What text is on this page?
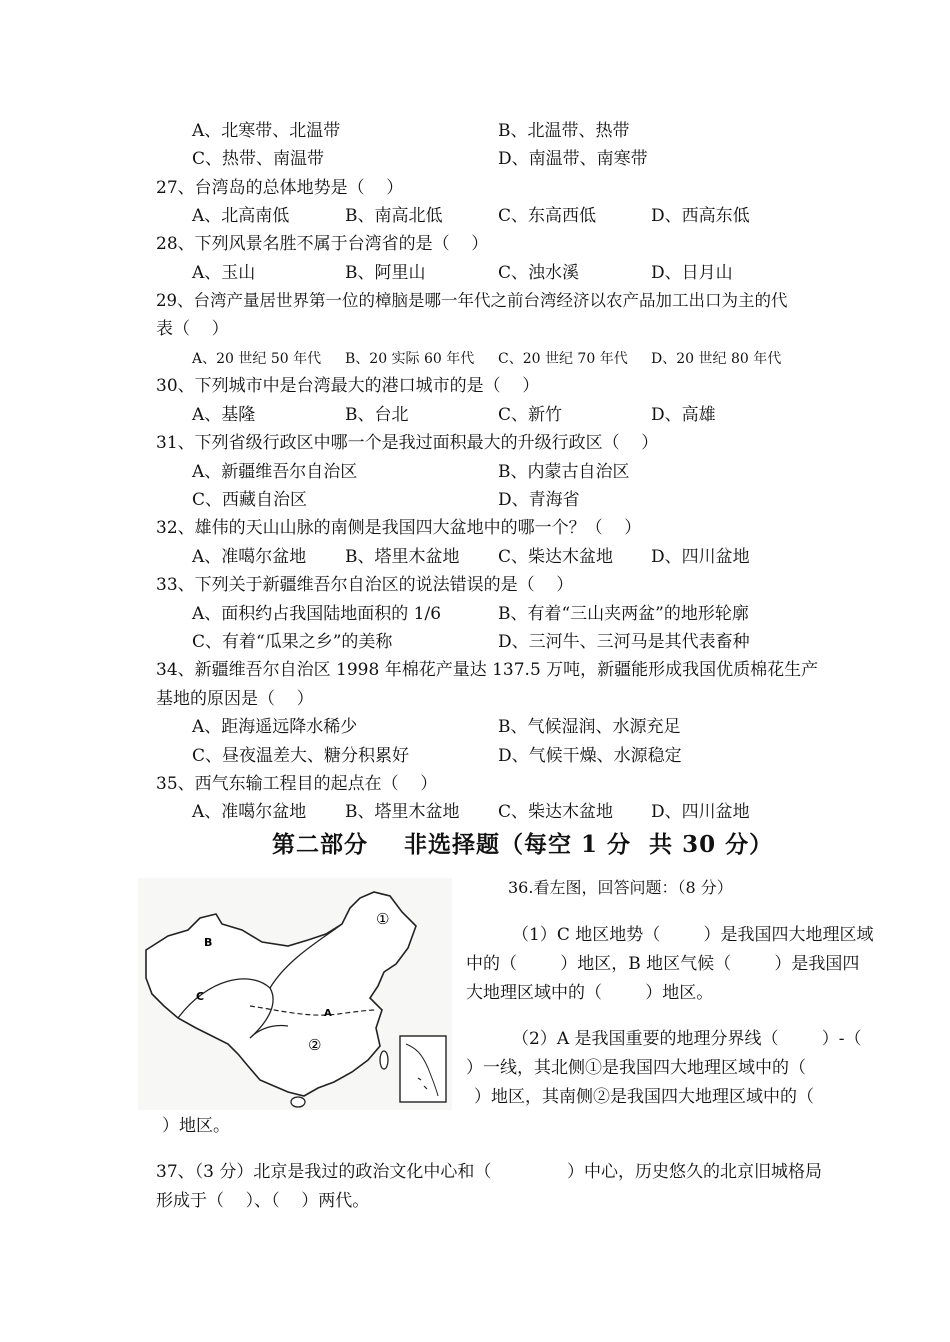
A、北寒带、北温带	B、北温带、热带
C、热带、南温带	D、南温带、南寒带
27、台湾岛的总体地势是（    ）
A、北高南低	B、南高北低	C、东高西低	D、西高东低
28、下列风景名胜不属于台湾省的是（    ）
A、玉山	B、阿里山	C、浊水溪	D、日月山
29、台湾产量居世界第一位的樟脑是哪一年代之前台湾经济以农产品加工出口为主的代
表（    ）
A、20 世纪 50 年代 B、20 实际 60 年代 C、20 世纪 70 年代 D、20 世纪 80 年代
30、下列城市中是台湾最大的港口城市的是（    ）
A、基隆	B、台北	C、新竹	D、高雄
31、下列省级行政区中哪一个是我过面积最大的升级行政区（    ）
A、新疆维吾尔自治区	B、内蒙古自治区
C、西藏自治区	D、青海省
32、雄伟的天山山脉的南侧是我国四大盆地中的哪一个？（    ）
A、准噶尔盆地 B、塔里木盆地 C、柴达木盆地 D、四川盆地
33、下列关于新疆维吾尔自治区的说法错误的是（    ）
A、面积约占我国陆地面积的 1/6	B、有着“三山夹两盆”的地形轮廓
C、有着“瓜果之乡”的美称	D、三河牛、三河马是其代表畜种
34、新疆维吾尔自治区 1998 年棉花产量达 137.5 万吨，新疆能形成我国优质棉花生产
基地的原因是（    ）
A、距海遥远降水稀少	B、气候湿润、水源充足
C、昼夜温差大、糖分积累好	D、气候干燥、水源稳定
35、西气东输工程目的起点在（    ）
A、准噶尔盆地 B、塔里木盆地 C、柴达木盆地 D、四川盆地
第二部分    非选择题（每空 1 分  共 30 分）
B
C
A
①
②
36.看左图，回答问题：（8 分）
（1）C 地区地势（        ）是我国四大地理区域
中的（        ）地区，B 地区气候（        ）是我国四
大地理区域中的（        ）地区。
（2）A 是我国重要的地理分界线（        ）-（
）一线，其北侧①是我国四大地理区域中的（
）地区，其南侧②是我国四大地理区域中的（
）地区。
37、（3 分）北京是我过的政治文化中心和（              ）中心，历史悠久的北京旧城格局
形成于（    ）、（    ）两代。
